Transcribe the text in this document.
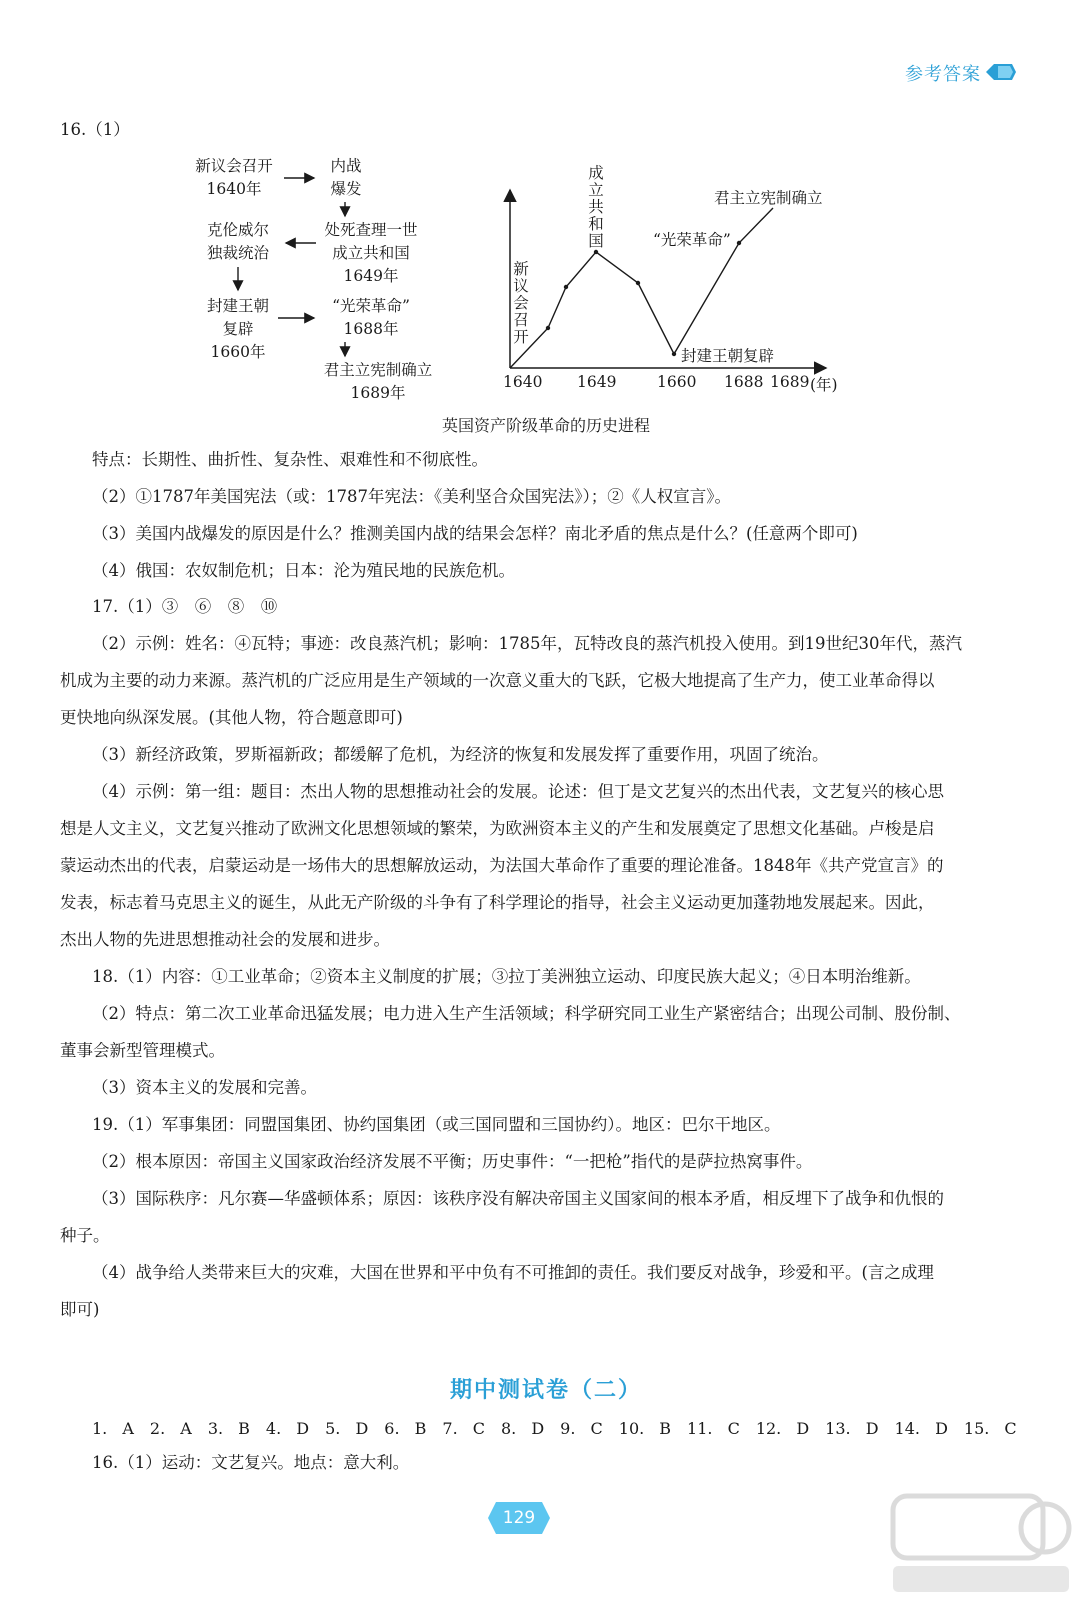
参考答案
16.（1）
新议会召开
1640年
内战
爆发
处死查理一世
成立共和国
1649年
克伦威尔
独裁统治
封建王朝
复辟
1660年
“光荣革命”
1688年
君主立宪制确立
1689年
新议会召开
成立共和国
封建王朝复辟
“光荣革命”
君主立宪制确立
1640 1649	1660 1688 1689 (年)
英国资产阶级革命的历史进程
特点：长期性、曲折性、复杂性、艰难性和不彻底性。
（2）①1787年美国宪法（或：1787年宪法：《美利坚合众国宪法》）；②《人权宣言》。
（3）美国内战爆发的原因是什么？推测美国内战的结果会怎样？南北矛盾的焦点是什么？(任意两个即可)
（4）俄国：农奴制危机；日本：沦为殖民地的民族危机。
17.（1）③　⑥　⑧　⑩
（2）示例：姓名：④瓦特；事迹：改良蒸汽机；影响：1785年，瓦特改良的蒸汽机投入使用。到19世纪30年代，蒸汽
机成为主要的动力来源。蒸汽机的广泛应用是生产领域的一次意义重大的飞跃，它极大地提高了生产力，使工业革命得以
更快地向纵深发展。(其他人物，符合题意即可)
（3）新经济政策，罗斯福新政；都缓解了危机，为经济的恢复和发展发挥了重要作用，巩固了统治。
（4）示例：第一组：题目：杰出人物的思想推动社会的发展。论述：但丁是文艺复兴的杰出代表，文艺复兴的核心思
想是人文主义，文艺复兴推动了欧洲文化思想领域的繁荣，为欧洲资本主义的产生和发展奠定了思想文化基础。卢梭是启
蒙运动杰出的代表，启蒙运动是一场伟大的思想解放运动，为法国大革命作了重要的理论准备。1848年《共产党宣言》的
发表，标志着马克思主义的诞生，从此无产阶级的斗争有了科学理论的指导，社会主义运动更加蓬勃地发展起来。因此，
杰出人物的先进思想推动社会的发展和进步。
18.（1）内容：①工业革命；②资本主义制度的扩展；③拉丁美洲独立运动、印度民族大起义；④日本明治维新。
（2）特点：第二次工业革命迅猛发展；电力进入生产生活领域；科学研究同工业生产紧密结合；出现公司制、股份制、
董事会新型管理模式。
（3）资本主义的发展和完善。
19.（1）军事集团：同盟国集团、协约国集团（或三国同盟和三国协约）。地区：巴尔干地区。
（2）根本原因：帝国主义国家政治经济发展不平衡；历史事件：“一把枪”指代的是萨拉热窝事件。
（3）国际秩序：凡尔赛—华盛顿体系；原因：该秩序没有解决帝国主义国家间的根本矛盾，相反埋下了战争和仇恨的
种子。
（4）战争给人类带来巨大的灾难，大国在世界和平中负有不可推卸的责任。我们要反对战争，珍爱和平。(言之成理
即可)
期中测试卷（二）
1. A　2. A　3. B　4. D　5. D　6. B　7. C　8. D　9. C　10. B　11. C　12. D　13. D　14. D　15. C
16.（1）运动：文艺复兴。地点：意大利。
129
